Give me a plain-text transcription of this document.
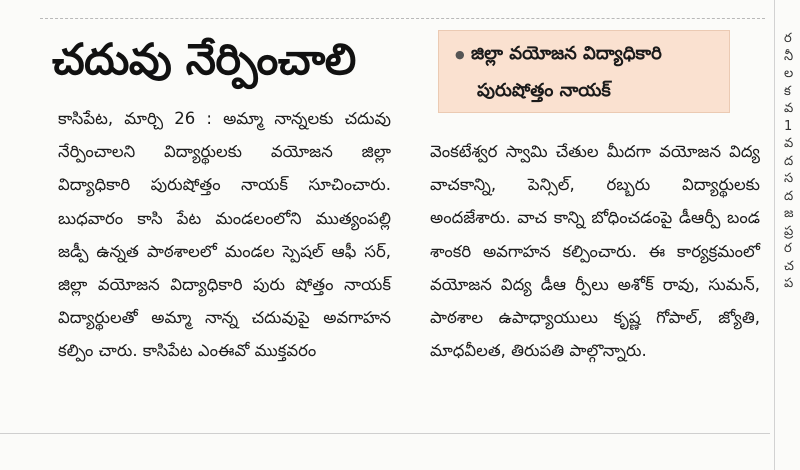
చదువు నేర్పించాలి	● జిల్లా వయోజన విద్యాధికారి
పురుషోత్తం నాయక్

కాసిపేట, మార్చి 26 : అమ్మా నాన్నలకు చదువు నేర్పించాలని విద్యార్థులకు వయోజన జిల్లా విద్యాధికారి పురుషోత్తం నాయక్ సూచించారు. బుధవారం కాసి పేట మండలంలోని ముత్యంపల్లి జడ్పీ ఉన్నత పాఠశాలలో మండల స్పెషల్ ఆఫీ సర్, జిల్లా వయోజన విద్యాధికారి పురు షోత్తం నాయక్ విద్యార్థులతో అమ్మా నాన్న చదువుపై అవగాహన కల్పిం చారు. కాసిపేట ఎంఈవో ముక్తవరం

వెంకటేశ్వర స్వామి చేతుల మీదగా వయోజన విద్య వాచకాన్ని, పెన్సిల్, రబ్బరు విద్యార్థులకు అందజేశారు. వాచ కాన్ని బోధించడంపై డీఆర్పీ బండ శాంకరి అవగాహన కల్పించారు. ఈ కార్యక్రమంలో వయోజన విద్య డీఆ ర్పీలు అశోక్ రావు, సుమన్, పాఠశాల ఉపాధ్యాయులు కృష్ణ గోపాల్, జ్యోతి, మాధవీలత, తిరుపతి పాల్గొన్నారు.

ర నీ ల క వ 1 వ ద స ద జ ప్ర ర చ ప
